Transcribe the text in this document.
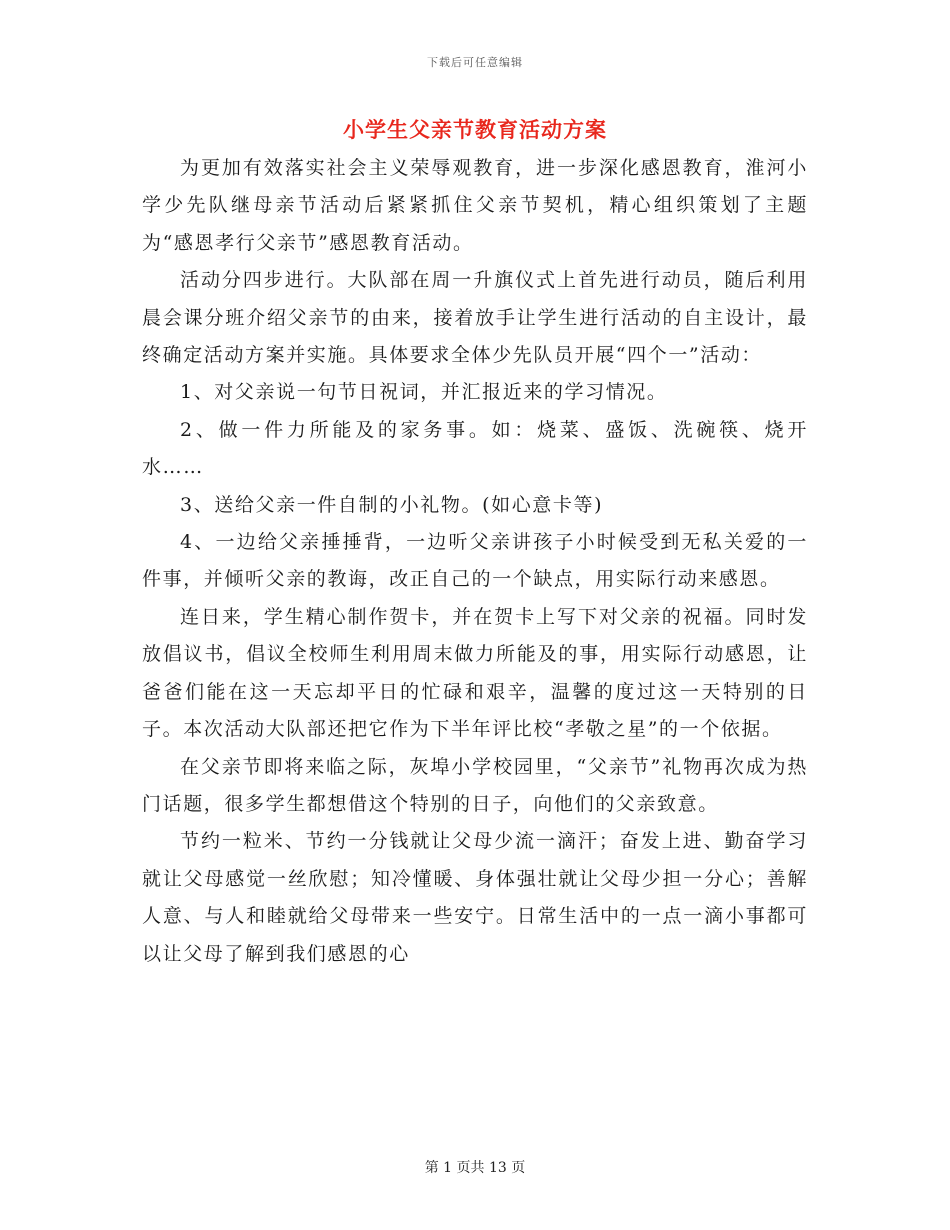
下载后可任意编辑
小学生父亲节教育活动方案

为更加有效落实社会主义荣辱观教育，进一步深化感恩教育，淮河小学少先队继母亲节活动后紧紧抓住父亲节契机，精心组织策划了主题为“感恩孝行父亲节”感恩教育活动。

活动分四步进行。大队部在周一升旗仪式上首先进行动员，随后利用晨会课分班介绍父亲节的由来，接着放手让学生进行活动的自主设计，最终确定活动方案并实施。具体要求全体少先队员开展“四个一”活动：

1、对父亲说一句节日祝词，并汇报近来的学习情况。

2、做一件力所能及的家务事。如：烧菜、盛饭、洗碗筷、烧开水……

3、送给父亲一件自制的小礼物。(如心意卡等)

4、一边给父亲捶捶背，一边听父亲讲孩子小时候受到无私关爱的一件事，并倾听父亲的教诲，改正自己的一个缺点，用实际行动来感恩。

连日来，学生精心制作贺卡，并在贺卡上写下对父亲的祝福。同时发放倡议书，倡议全校师生利用周末做力所能及的事，用实际行动感恩，让爸爸们能在这一天忘却平日的忙碌和艰辛，温馨的度过这一天特别的日子。本次活动大队部还把它作为下半年评比校“孝敬之星”的一个依据。

在父亲节即将来临之际，灰埠小学校园里，“父亲节”礼物再次成为热门话题，很多学生都想借这个特别的日子，向他们的父亲致意。

节约一粒米、节约一分钱就让父母少流一滴汗；奋发上进、勤奋学习就让父母感觉一丝欣慰；知冷懂暖、身体强壮就让父母少担一分心；善解人意、与人和睦就给父母带来一些安宁。日常生活中的一点一滴小事都可以让父母了解到我们感恩的心

第 1 页共 13 页
